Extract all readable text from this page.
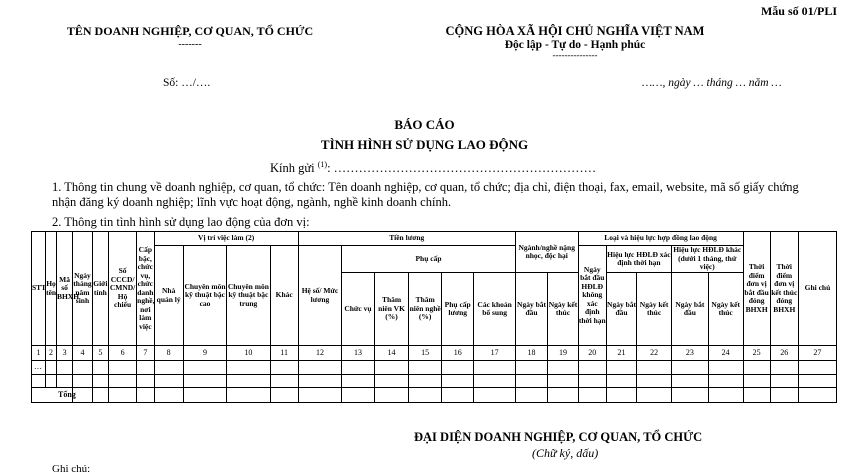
Mẫu số 01/PLI
TÊN DOANH NGHIỆP, CƠ QUAN, TỔ CHỨC
-------
CỘNG HÒA XÃ HỘI CHỦ NGHĨA VIỆT NAM
Độc lập - Tự do - Hạnh phúc
---------------
Số: …/….	……, ngày … tháng … năm …
BÁO CÁO
TÌNH HÌNH SỬ DỤNG LAO ĐỘNG
Kính gửi $^{(1)}$: ………………………………………………………
1. Thông tin chung về doanh nghiệp, cơ quan, tổ chức: Tên doanh nghiệp, cơ quan, tổ chức; địa chỉ, điện thoại, fax, email, website, mã số giấy chứng nhận đăng ký doanh nghiệp; lĩnh vực hoạt động, ngành, nghề kinh doanh chính.
2. Thông tin tình hình sử dụng lao động của đơn vị:
STT	Họ tên	Mã số BHXH	Ngày tháng năm sinh	Giới tính	Số CCCD/ CMND/ Hộ chiếu	Cấp bậc, chức vụ, chức danh nghề, nơi làm việc	Vị trí việc làm (2)				Tiền lương						Ngành/nghề nặng nhọc, độc hại		Loại và hiệu lực hợp đồng lao động					Thời điểm đơn vị bắt đầu đóng BHXH	Thời điểm đơn vị kết thúc đóng BHXH	Ghi chú
							Nhà quản lý	Chuyên môn kỹ thuật bậc cao	Chuyên môn kỹ thuật bậc trung	Khác	Hệ số/ Mức lương	Phụ cấp							Ngày bắt đầu HĐLĐ không xác định thời hạn	Hiệu lực HĐLĐ xác định thời hạn		Hiệu lực HĐLĐ khác (dưới 1 tháng, thử việc)				
												Chức vụ	Thâm niên VK (%)	Thâm niên nghề (%)	Phụ cấp lương	Các khoản bổ sung	Ngày bắt đầu	Ngày kết thúc		Ngày bắt đầu	Ngày kết thúc	Ngày bắt đầu	Ngày kết thúc			

1	2	3	4	5	6	7	8	9	10	11	12	13	14	15	16	17	18	19	20	21	22	23	24	25	26	27
…																										

Tổng																										
ĐẠI DIỆN DOANH NGHIỆP, CƠ QUAN, TỔ CHỨC
(Chữ ký, dấu)
Ghi chú:
